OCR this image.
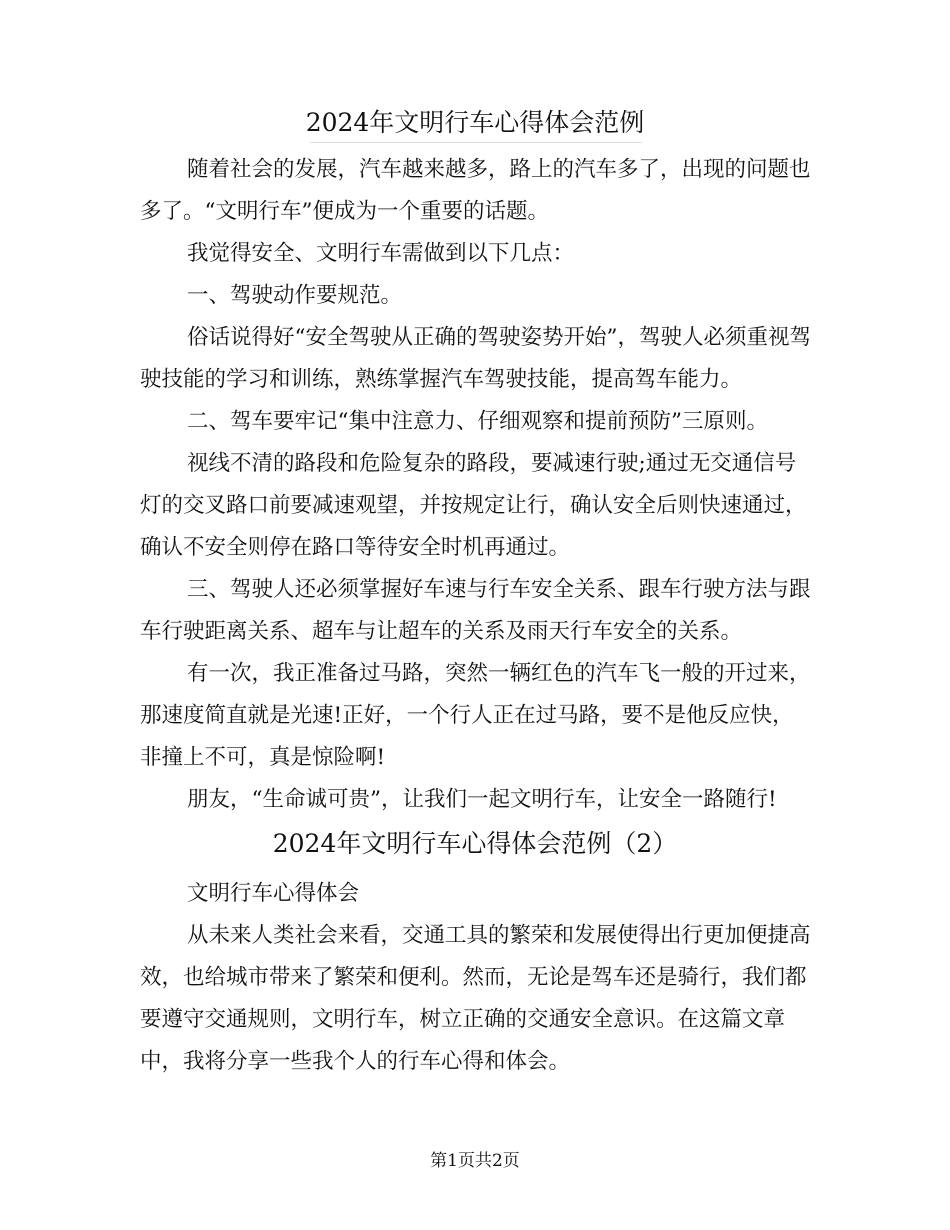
2024年文明行车心得体会范例

随着社会的发展，汽车越来越多，路上的汽车多了，出现的问题也多了。“文明行车”便成为一个重要的话题。

我觉得安全、文明行车需做到以下几点：

一、驾驶动作要规范。

俗话说得好“安全驾驶从正确的驾驶姿势开始”，驾驶人必须重视驾驶技能的学习和训练，熟练掌握汽车驾驶技能，提高驾车能力。

二、驾车要牢记“集中注意力、仔细观察和提前预防”三原则。

视线不清的路段和危险复杂的路段，要减速行驶;通过无交通信号灯的交叉路口前要减速观望，并按规定让行，确认安全后则快速通过，确认不安全则停在路口等待安全时机再通过。

三、驾驶人还必须掌握好车速与行车安全关系、跟车行驶方法与跟车行驶距离关系、超车与让超车的关系及雨天行车安全的关系。

有一次，我正准备过马路，突然一辆红色的汽车飞一般的开过来，那速度简直就是光速!正好，一个行人正在过马路，要不是他反应快，非撞上不可，真是惊险啊!

朋友，“生命诚可贵”，让我们一起文明行车，让安全一路随行!

2024年文明行车心得体会范例（2）

文明行车心得体会

从未来人类社会来看，交通工具的繁荣和发展使得出行更加便捷高效，也给城市带来了繁荣和便利。然而，无论是驾车还是骑行，我们都要遵守交通规则，文明行车，树立正确的交通安全意识。在这篇文章中，我将分享一些我个人的行车心得和体会。

第1页共2页
